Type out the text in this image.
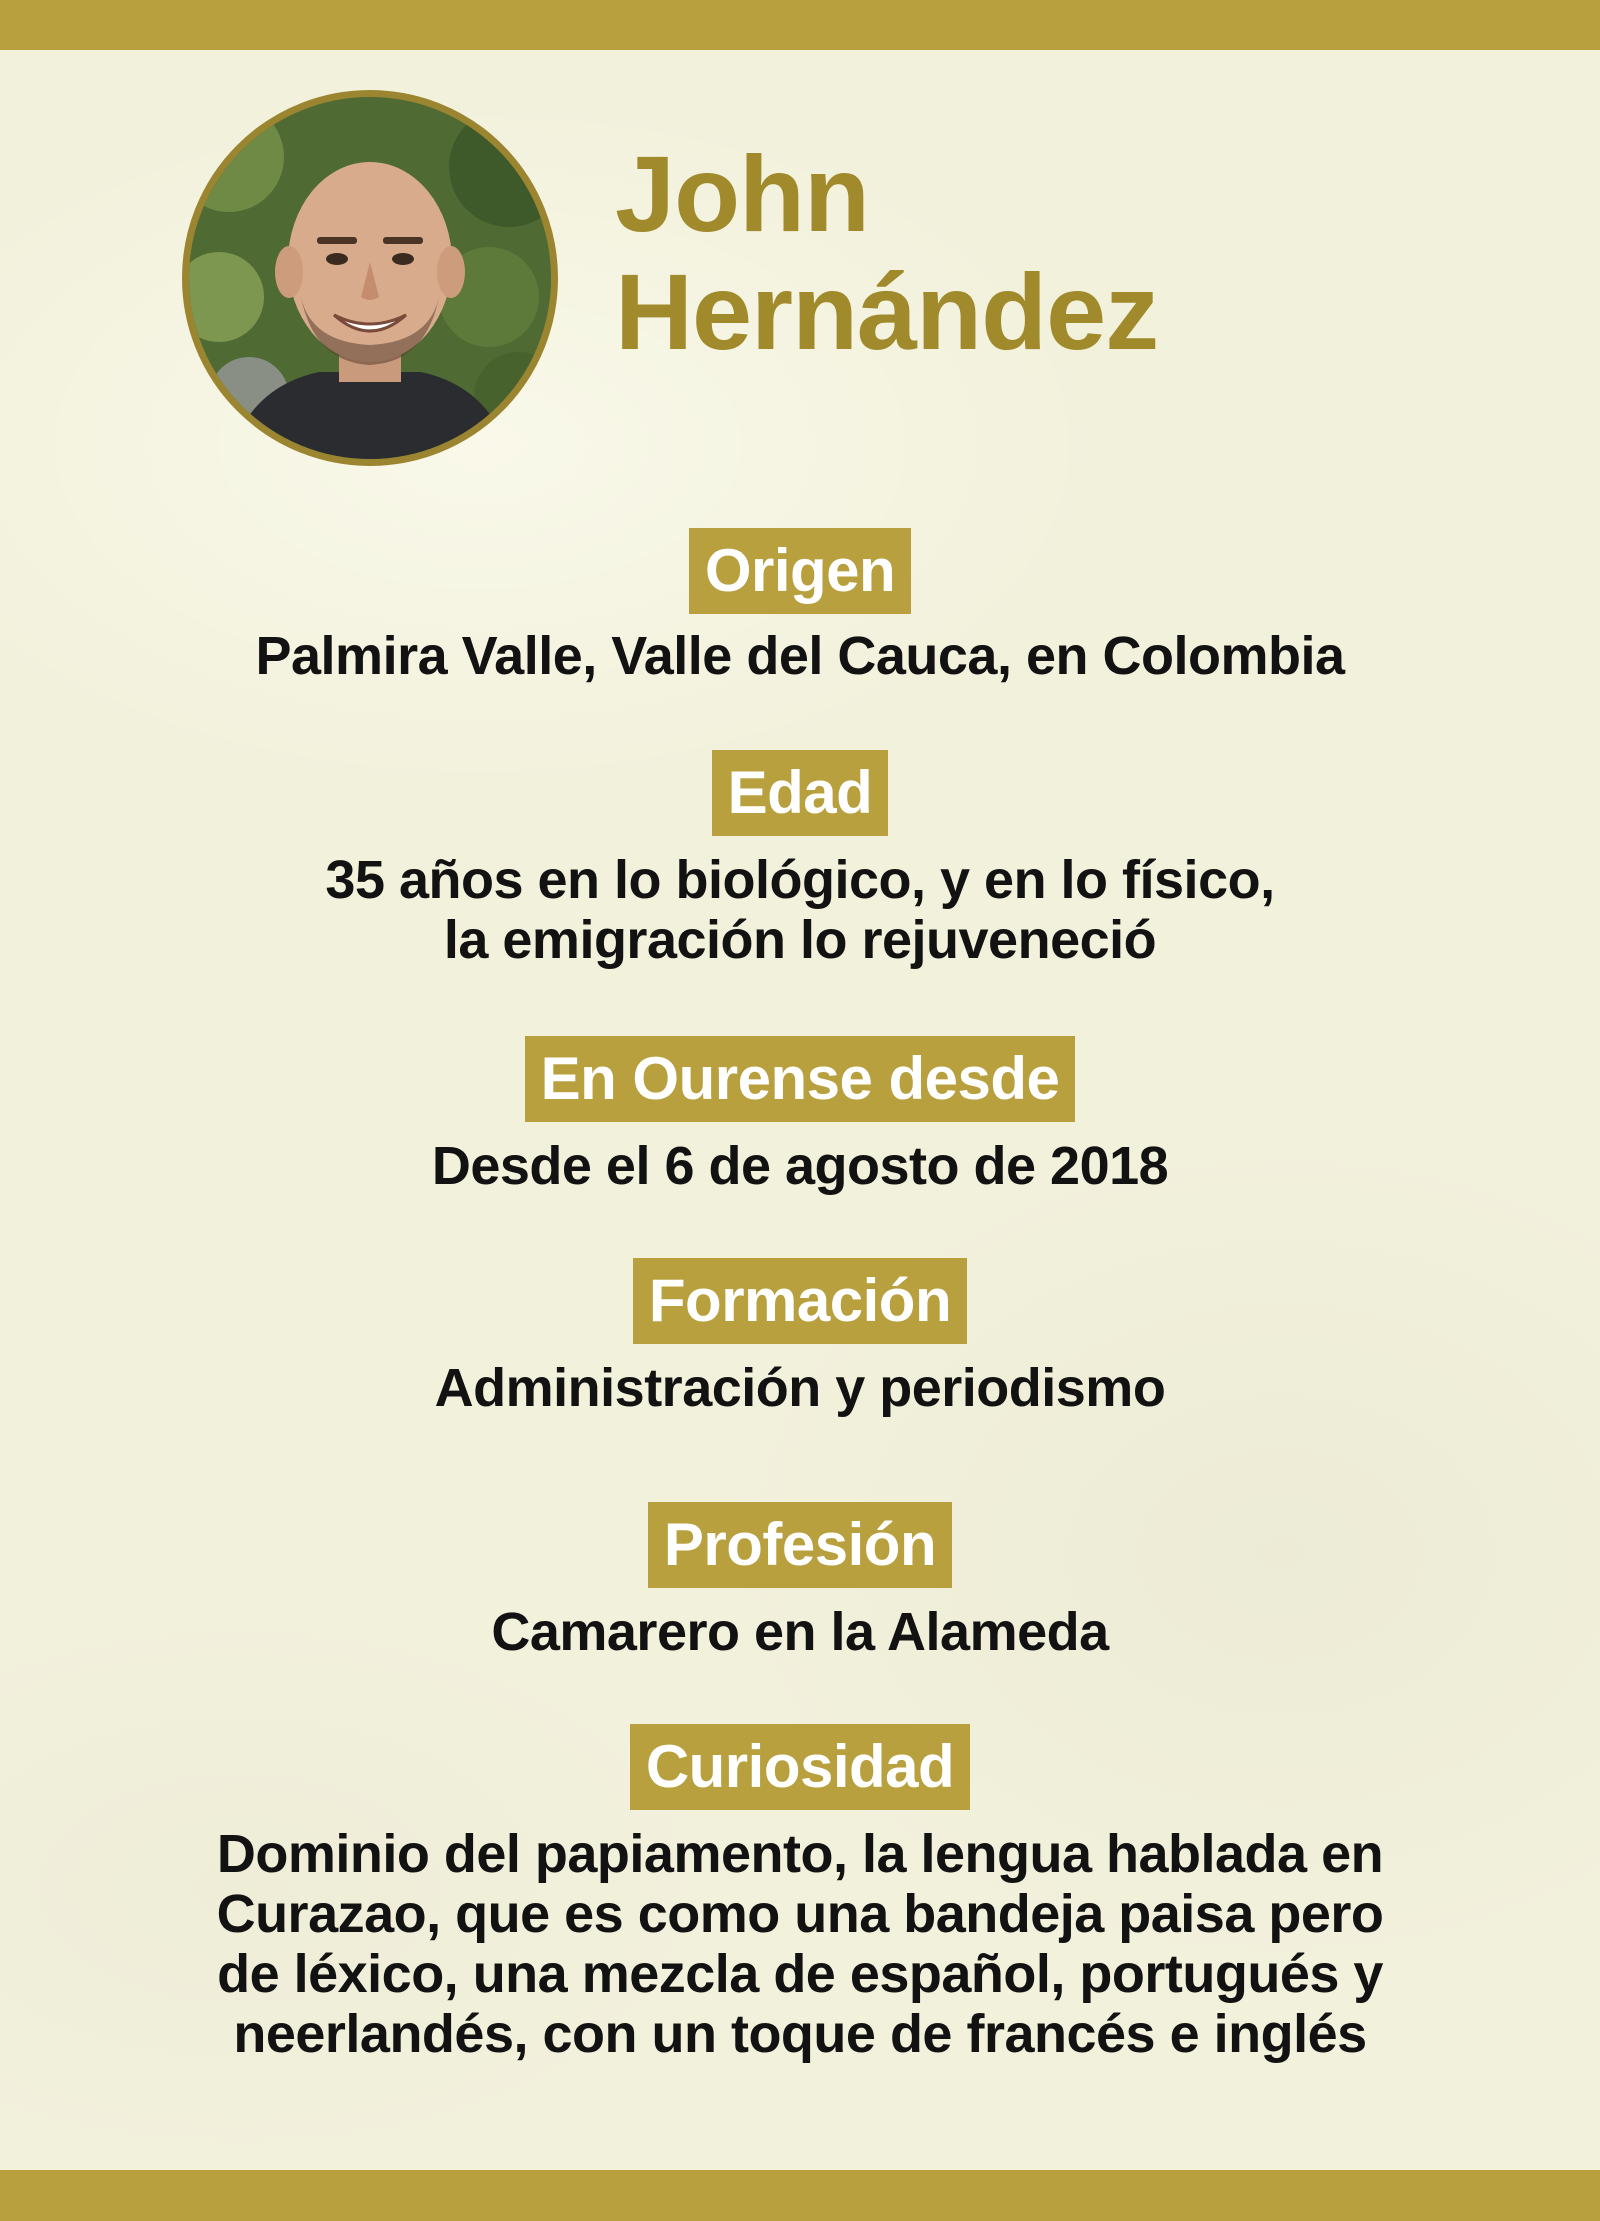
John
Hernández
Origen
Palmira Valle, Valle del Cauca, en Colombia
Edad
35 años en lo biológico, y en lo físico,
la emigración lo rejuveneció
En Ourense desde
Desde el 6 de agosto de 2018
Formación
Administración y periodismo
Profesión
Camarero en la Alameda
Curiosidad
Dominio del papiamento, la lengua hablada en
Curazao, que es como una bandeja paisa pero
de léxico, una mezcla de español, portugués y
neerlandés, con un toque de francés e inglés
